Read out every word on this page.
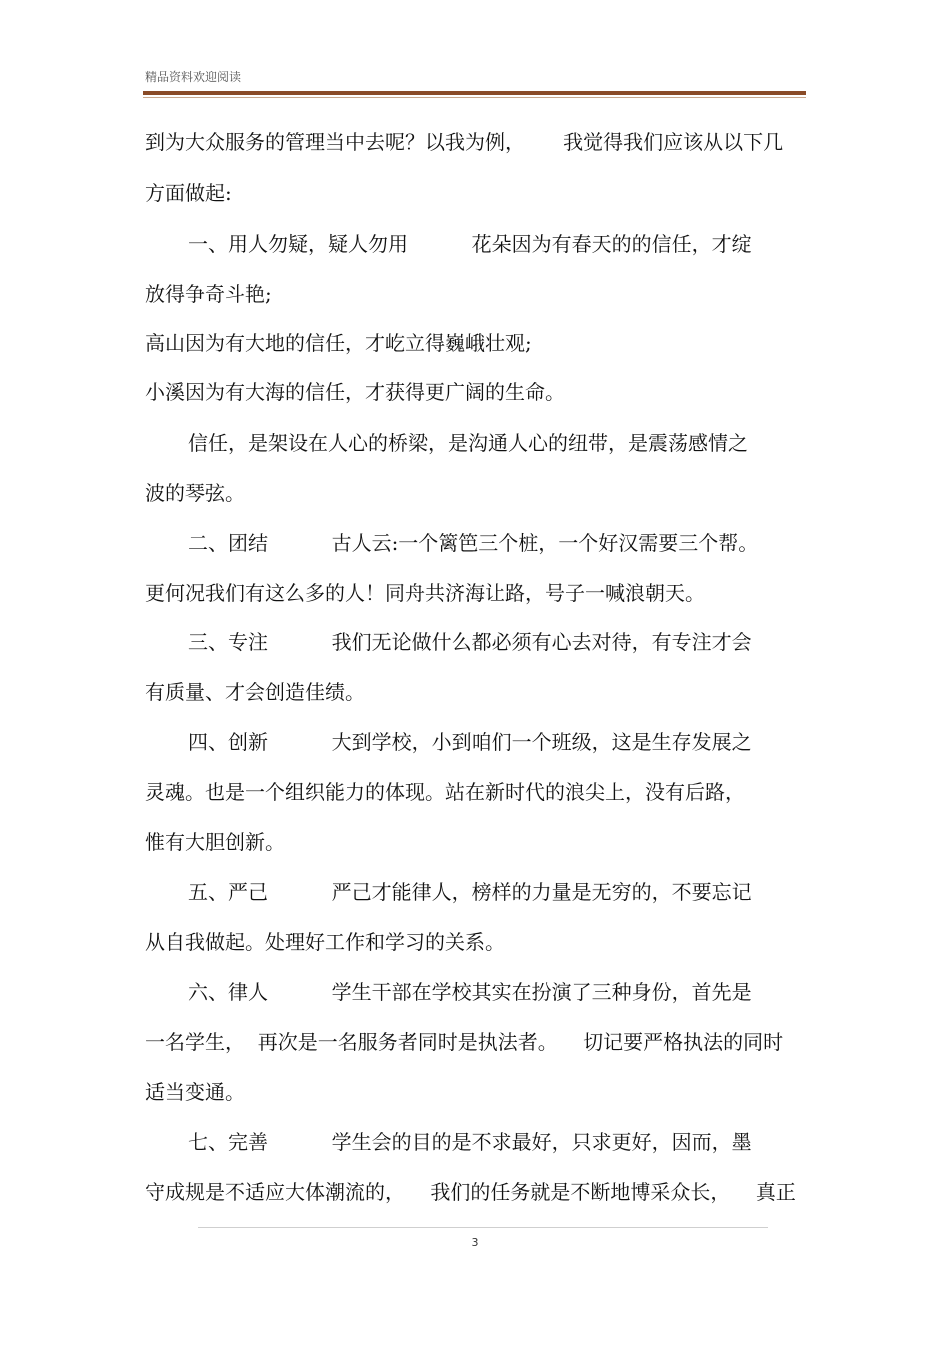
精品资料欢迎阅读
到为大众服务的管理当中去呢？以我为例，      我觉得我们应该从以下几
方面做起:
一、用人勿疑，疑人勿用          花朵因为有春天的的信任，才绽
放得争奇斗艳;
高山因为有大地的信任，才屹立得巍峨壮观;
小溪因为有大海的信任，才获得更广阔的生命。
信任，是架设在人心的桥梁，是沟通人心的纽带，是震荡感情之
波的琴弦。
二、团结          古人云:一个篱笆三个桩，一个好汉需要三个帮。
更何况我们有这么多的人！同舟共济海让路，号子一喊浪朝天。
三、专注          我们无论做什么都必须有心去对待，有专注才会
有质量、才会创造佳绩。
四、创新          大到学校，小到咱们一个班级，这是生存发展之
灵魂。也是一个组织能力的体现。站在新时代的浪尖上，没有后路，
惟有大胆创新。
五、严己          严己才能律人，榜样的力量是无穷的，不要忘记
从自我做起。处理好工作和学习的关系。
六、律人          学生干部在学校其实在扮演了三种身份，首先是
一名学生，  再次是一名服务者同时是执法者。    切记要严格执法的同时
适当变通。
七、完善          学生会的目的是不求最好，只求更好，因而，墨
守成规是不适应大体潮流的，    我们的任务就是不断地博采众长，    真正
3
